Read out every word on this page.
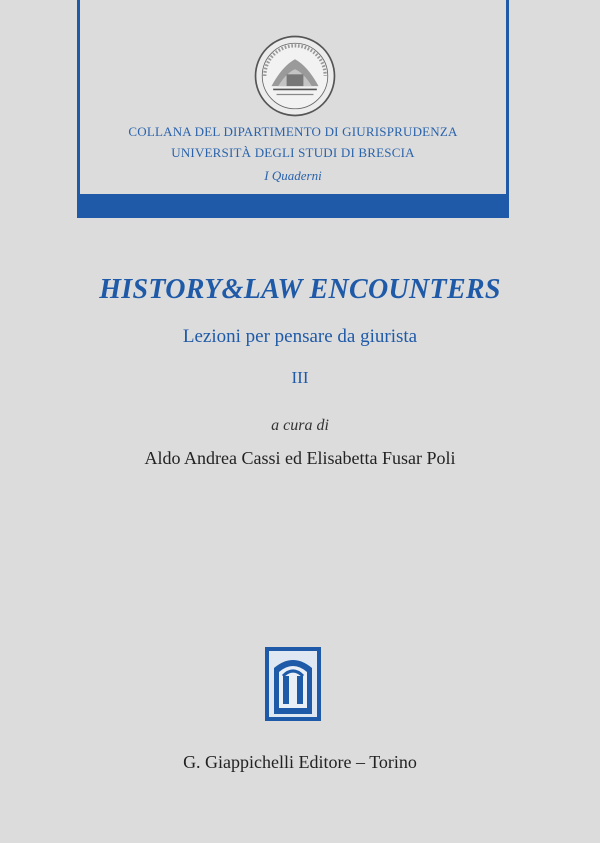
COLLANA DEL DIPARTIMENTO DI GIURISPRUDENZA
UNIVERSITÀ DEGLI STUDI DI BRESCIA
I Quaderni
HISTORY&LAW ENCOUNTERS
Lezioni per pensare da giurista
III
a cura di
Aldo Andrea Cassi ed Elisabetta Fusar Poli
G. Giappichelli Editore – Torino
